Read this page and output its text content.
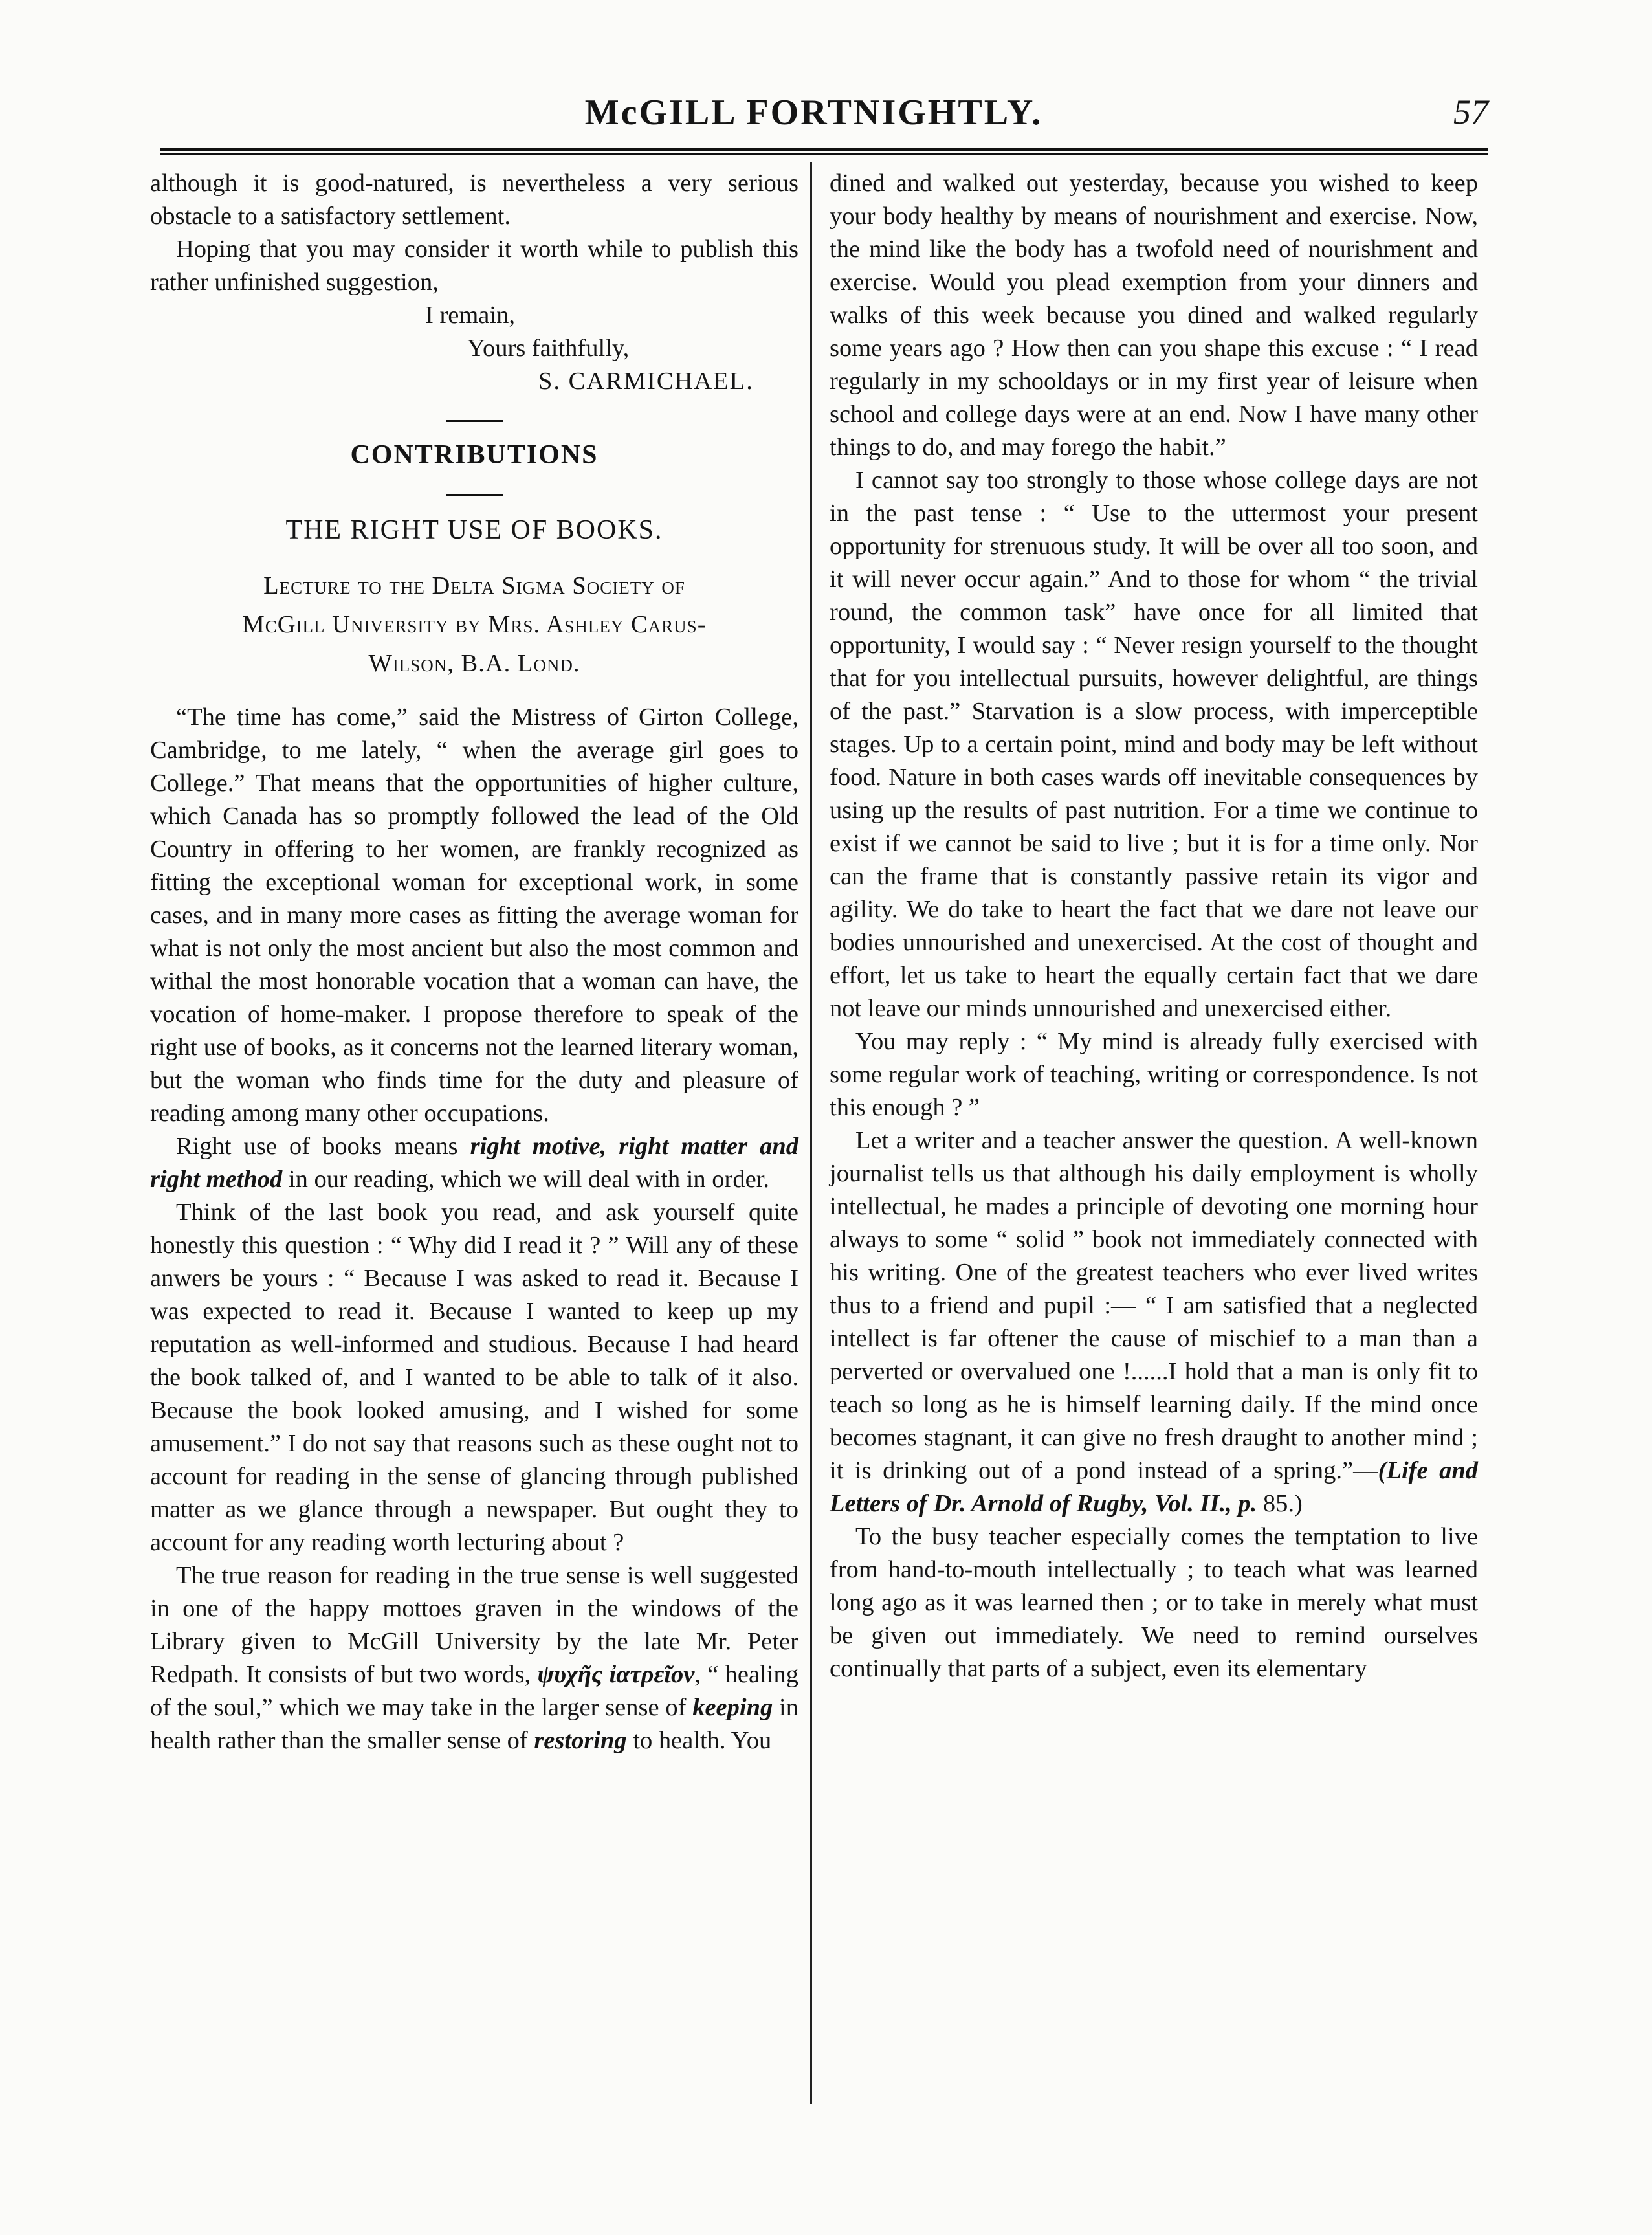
McGILL FORTNIGHTLY.	57

although it is good-natured, is nevertheless a very serious obstacle to a satisfactory settlement.

Hoping that you may consider it worth while to publish this rather unfinished suggestion,

I remain,
Yours faithfully,
S. CARMICHAEL.
CONTRIBUTIONS
THE RIGHT USE OF BOOKS.
Lecture to the Delta Sigma Society of
McGill University by Mrs. Ashley Carus-
Wilson, B.A. Lond.

“The time has come,” said the Mistress of Girton College, Cambridge, to me lately, “ when the average girl goes to College.” That means that the opportunities of higher culture, which Canada has so promptly followed the lead of the Old Country in offering to her women, are frankly recognized as fitting the exceptional woman for exceptional work, in some cases, and in many more cases as fitting the average woman for what is not only the most ancient but also the most common and withal the most honorable vocation that a woman can have, the vocation of home-maker. I propose therefore to speak of the right use of books, as it concerns not the learned literary woman, but the woman who finds time for the duty and pleasure of reading among many other occupations.

Right use of books means right motive, right matter and right method in our reading, which we will deal with in order.

Think of the last book you read, and ask yourself quite honestly this question : “ Why did I read it ? ” Will any of these anwers be yours : “ Because I was asked to read it. Because I was expected to read it. Because I wanted to keep up my reputation as well-informed and studious. Because I had heard the book talked of, and I wanted to be able to talk of it also. Because the book looked amusing, and I wished for some amusement.” I do not say that reasons such as these ought not to account for reading in the sense of glancing through published matter as we glance through a newspaper. But ought they to account for any reading worth lecturing about ?

The true reason for reading in the true sense is well suggested in one of the happy mottoes graven in the windows of the Library given to McGill University by the late Mr. Peter Redpath. It consists of but two words, ψυχῆς ἰατρεῖον, “ healing of the soul,” which we may take in the larger sense of keeping in health rather than the smaller sense of restoring to health. You

dined and walked out yesterday, because you wished to keep your body healthy by means of nourishment and exercise. Now, the mind like the body has a twofold need of nourishment and exercise. Would you plead exemption from your dinners and walks of this week because you dined and walked regularly some years ago ? How then can you shape this excuse : “ I read regularly in my schooldays or in my first year of leisure when school and college days were at an end. Now I have many other things to do, and may forego the habit.”

I cannot say too strongly to those whose college days are not in the past tense : “ Use to the uttermost your present opportunity for strenuous study. It will be over all too soon, and it will never occur again.” And to those for whom “ the trivial round, the common task” have once for all limited that opportunity, I would say : “ Never resign yourself to the thought that for you intellectual pursuits, however delightful, are things of the past.” Starvation is a slow process, with imperceptible stages. Up to a certain point, mind and body may be left without food. Nature in both cases wards off inevitable consequences by using up the results of past nutrition. For a time we continue to exist if we cannot be said to live ; but it is for a time only. Nor can the frame that is constantly passive retain its vigor and agility. We do take to heart the fact that we dare not leave our bodies unnourished and unexercised. At the cost of thought and effort, let us take to heart the equally certain fact that we dare not leave our minds unnourished and unexercised either.

You may reply : “ My mind is already fully exercised with some regular work of teaching, writing or correspondence. Is not this enough ? ”

Let a writer and a teacher answer the question. A well-known journalist tells us that although his daily employment is wholly intellectual, he mades a principle of devoting one morning hour always to some “ solid ” book not immediately connected with his writing. One of the greatest teachers who ever lived writes thus to a friend and pupil :— “ I am satisfied that a neglected intellect is far oftener the cause of mischief to a man than a perverted or overvalued one !......I hold that a man is only fit to teach so long as he is himself learning daily. If the mind once becomes stagnant, it can give no fresh draught to another mind ; it is drinking out of a pond instead of a spring.”—(Life and Letters of Dr. Arnold of Rugby, Vol. II., p. 85.)

To the busy teacher especially comes the temptation to live from hand-to-mouth intellectually ; to teach what was learned long ago as it was learned then ; or to take in merely what must be given out immediately. We need to remind ourselves continually that parts of a subject, even its elementary
